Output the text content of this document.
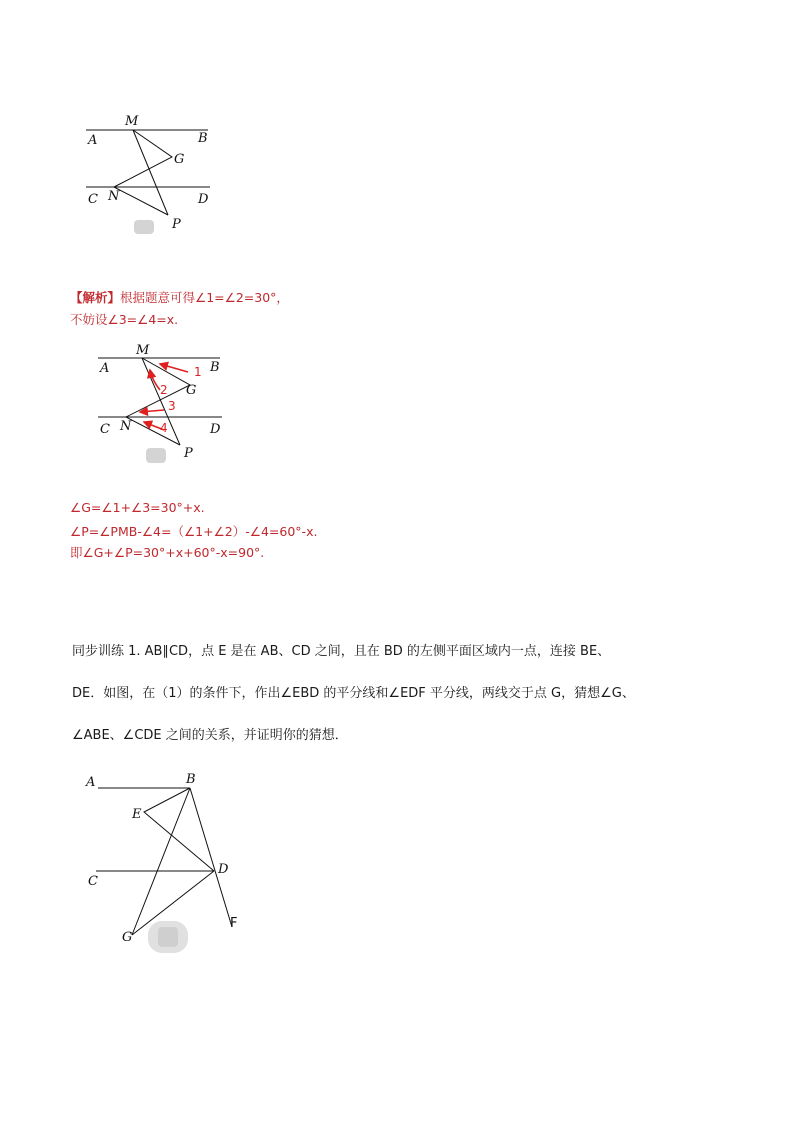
A	B
M
G
C N	D
P
【解析】根据题意可得∠1=∠2=30°，
不妨设∠3=∠4=x.
1
2
3
4
M
A	B
G
C N	D
P
∠G=∠1+∠3=30°+x.
∠P=∠PMB-∠4=（∠1+∠2）-∠4=60°-x.
即∠G+∠P=30°+x+60°-x=90°.
同步训练 1. AB∥CD，点 E 是在 AB、CD 之间，且在 BD 的左侧平面区域内一点，连接 BE、
DE．如图，在（1）的条件下，作出∠EBD 的平分线和∠EDF 平分线，两线交于点 G，猜想∠G、
∠ABE、∠CDE 之间的关系，并证明你的猜想．
A	B
E
D
C
F
G
